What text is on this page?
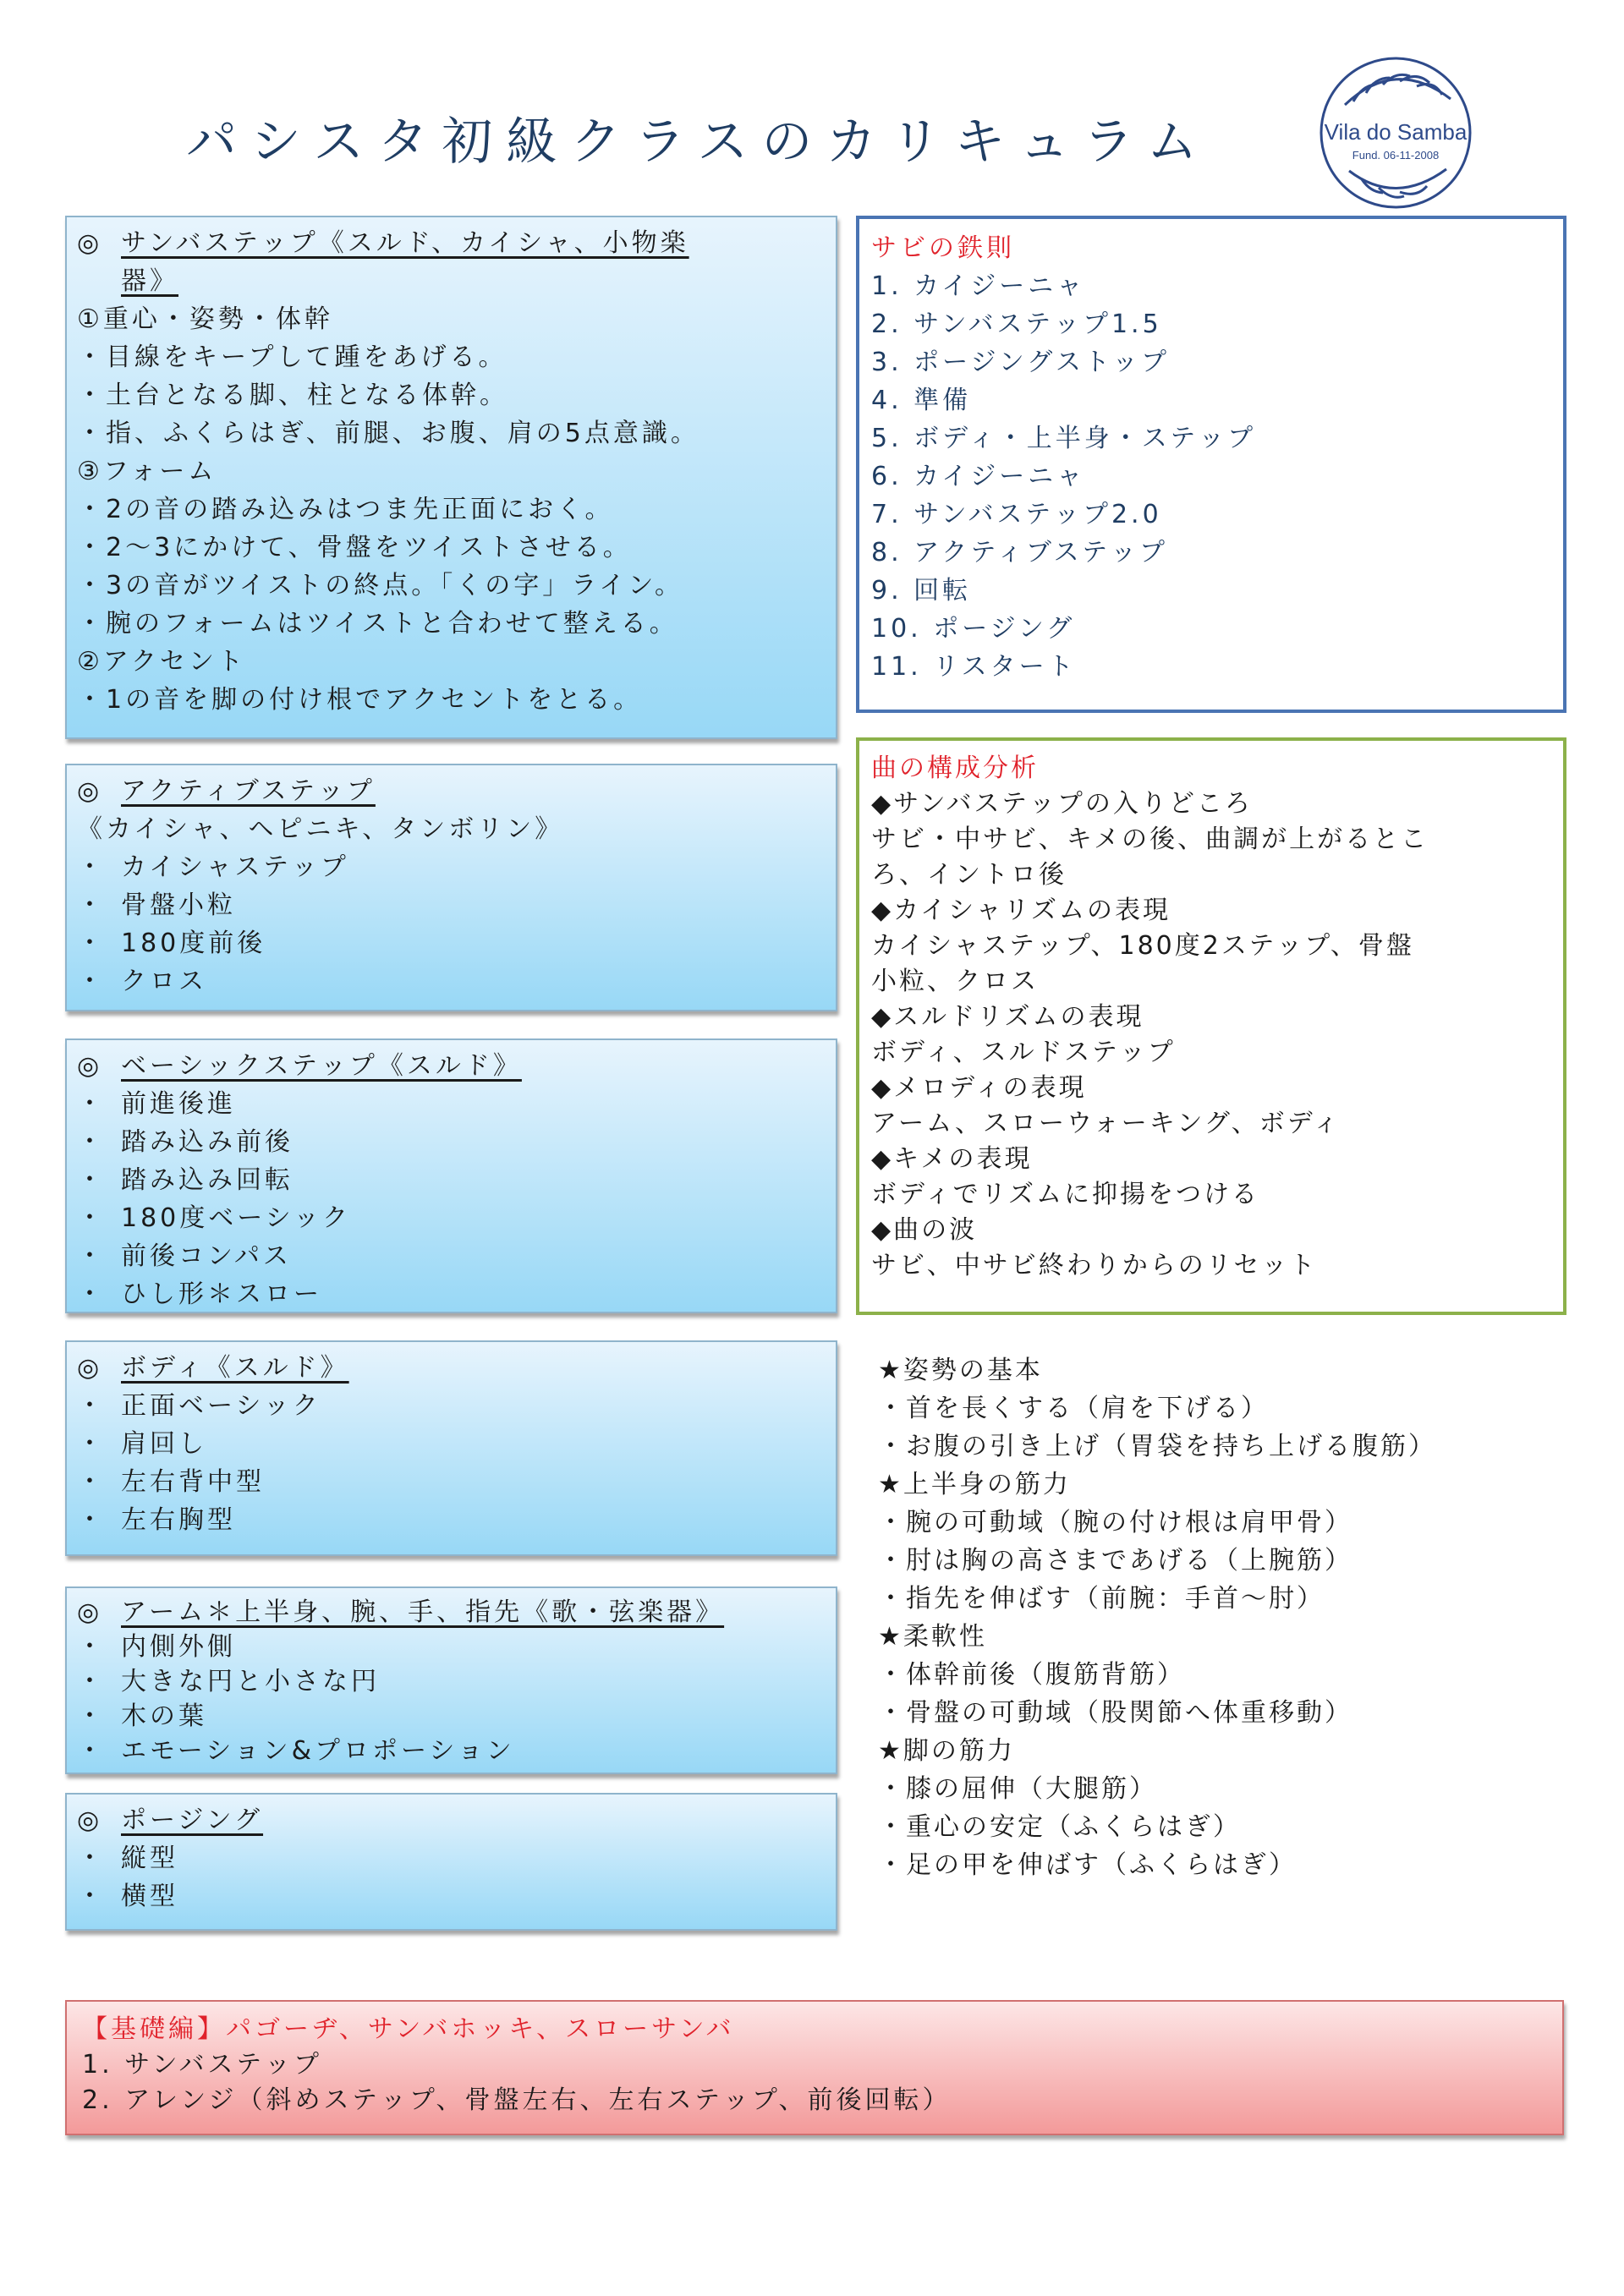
パシスタ初級クラスのカリキュラム	Vila do Samba
Fund. 06-11-2008
◎ サンバステップ《スルド、カイシャ、小物楽
器》

①重心・姿勢・体幹

・目線をキープして踵をあげる。

・土台となる脚、柱となる体幹。

・指、ふくらはぎ、前腿、お腹、肩の5点意識。

③フォーム

・2の音の踏み込みはつま先正面におく。

・2～3にかけて、骨盤をツイストさせる。

・3の音がツイストの終点。「くの字」ライン。

・腕のフォームはツイストと合わせて整える。

②アクセント

・1の音を脚の付け根でアクセントをとる。

◎ アクティブステップ

《カイシャ、ヘピニキ、タンボリン》

・ カイシャステップ
・ 骨盤小粒
・ 180度前後
・ クロス
◎ ベーシックステップ《スルド》
・ 前進後進
・ 踏み込み前後
・ 踏み込み回転
・ 180度ベーシック
・ 前後コンパス
・ ひし形＊スロー
◎ ボディ《スルド》
・ 正面ベーシック
・ 肩回し
・ 左右背中型
・ 左右胸型
◎ アーム＊上半身、腕、手、指先《歌・弦楽器》
・ 内側外側
・ 大きな円と小さな円
・ 木の葉
・ エモーション&プロポーション
◎ ポージング
・ 縦型
・ 横型

サビの鉄則

1. カイジーニャ

2. サンバステップ1.5

3. ポージングストップ

4. 準備

5. ボディ・上半身・ステップ

6. カイジーニャ

7. サンバステップ2.0

8. アクティブステップ

9. 回転

10. ポージング

11. リスタート

曲の構成分析

◆サンバステップの入りどころ

サビ・中サビ、キメの後、曲調が上がるとこ

ろ、イントロ後

◆カイシャリズムの表現

カイシャステップ、180度2ステップ、骨盤

小粒、クロス

◆スルドリズムの表現

ボディ、スルドステップ

◆メロディの表現

アーム、スローウォーキング、ボディ

◆キメの表現

ボディでリズムに抑揚をつける

◆曲の波

サビ、中サビ終わりからのリセット

★姿勢の基本

・首を長くする（肩を下げる）

・お腹の引き上げ（胃袋を持ち上げる腹筋）

★上半身の筋力

・腕の可動域（腕の付け根は肩甲骨）

・肘は胸の高さまであげる（上腕筋）

・指先を伸ばす（前腕：手首～肘）

★柔軟性

・体幹前後（腹筋背筋）

・骨盤の可動域（股関節へ体重移動）

★脚の筋力

・膝の屈伸（大腿筋）

・重心の安定（ふくらはぎ）

・足の甲を伸ばす（ふくらはぎ）

【基礎編】パゴーヂ、サンバホッキ、スローサンバ

1. サンバステップ

2. アレンジ（斜めステップ、骨盤左右、左右ステップ、前後回転）
